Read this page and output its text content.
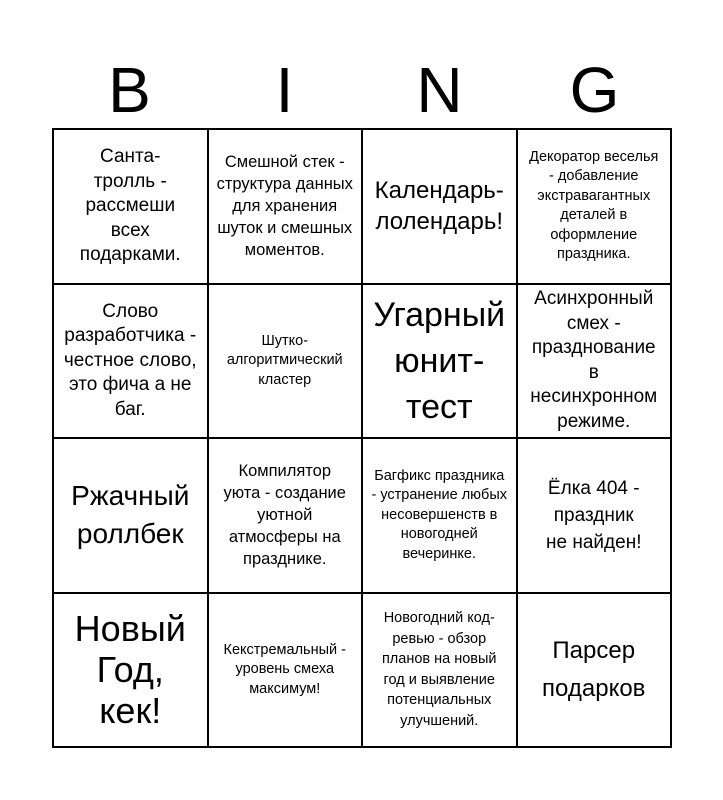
B	I	N	G
Санта-тролль - рассмеши всех подарками.
Смешной стек - структура данных для хранения шуток и смешных моментов.
Календарь-лолендарь!
Декоратор веселья - добавление экстравагантных деталей в оформление праздника.
Слово разработчика - честное слово, это фича а не баг.
Шутко-алгоритмический кластер
Угарный юнит-тест
Асинхронный смех - празднование в несинхронном режиме.
Ржачный роллбек
Компилятор уюта - создание уютной атмосферы на празднике.
Багфикс праздника - устранение любых несовершенств в новогодней вечеринке.
Ёлка 404 - праздник не найден!
Новый Год, кек!
Кекстремальный - уровень смеха максимум!
Новогодний код-ревью - обзор планов на новый год и выявление потенциальных улучшений.
Парсер подарков
